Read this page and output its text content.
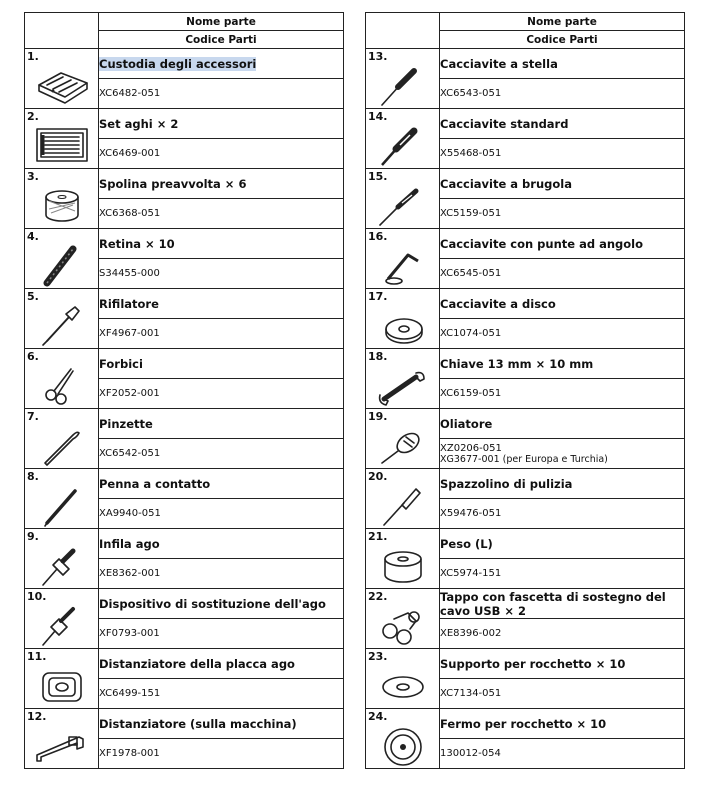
	Nome parte
	Codice Parti

1.	Custodia degli accessori
	XC6482-051

2.	Set aghi × 2
	XC6469-001

3.	Spolina preavvolta × 6
	XC6368-051

4.	Retina × 10
	S34455-000

5.	Rifilatore
	XF4967-001

6.	Forbici
	XF2052-001

7.	Pinzette
	XC6542-051

8.	Penna a contatto
	XA9940-051

9.	Infila ago
	XE8362-001

10.	Dispositivo di sostituzione dell'ago
	XF0793-001

11.	Distanziatore della placca ago
	XC6499-151

12.	Distanziatore (sulla macchina)
	XF1978-001
	Nome parte
	Codice Parti

13.	Cacciavite a stella
	XC6543-051

14.	Cacciavite standard
	X55468-051

15.	Cacciavite a brugola
	XC5159-051

16.	Cacciavite con punte ad angolo
	XC6545-051

17.	Cacciavite a disco
	XC1074-051

18.	Chiave 13 mm × 10 mm
	XC6159-051

19.	Oliatore
	XZ0206-051
XG3677-001 (per Europa e Turchia)

20.	Spazzolino di pulizia
	X59476-051

21.	Peso (L)
	XC5974-151

22.	Tappo con fascetta di sostegno del cavo USB × 2
	XE8396-002

23.	Supporto per rocchetto × 10
	XC7134-051

24.	Fermo per rocchetto × 10
	130012-054
